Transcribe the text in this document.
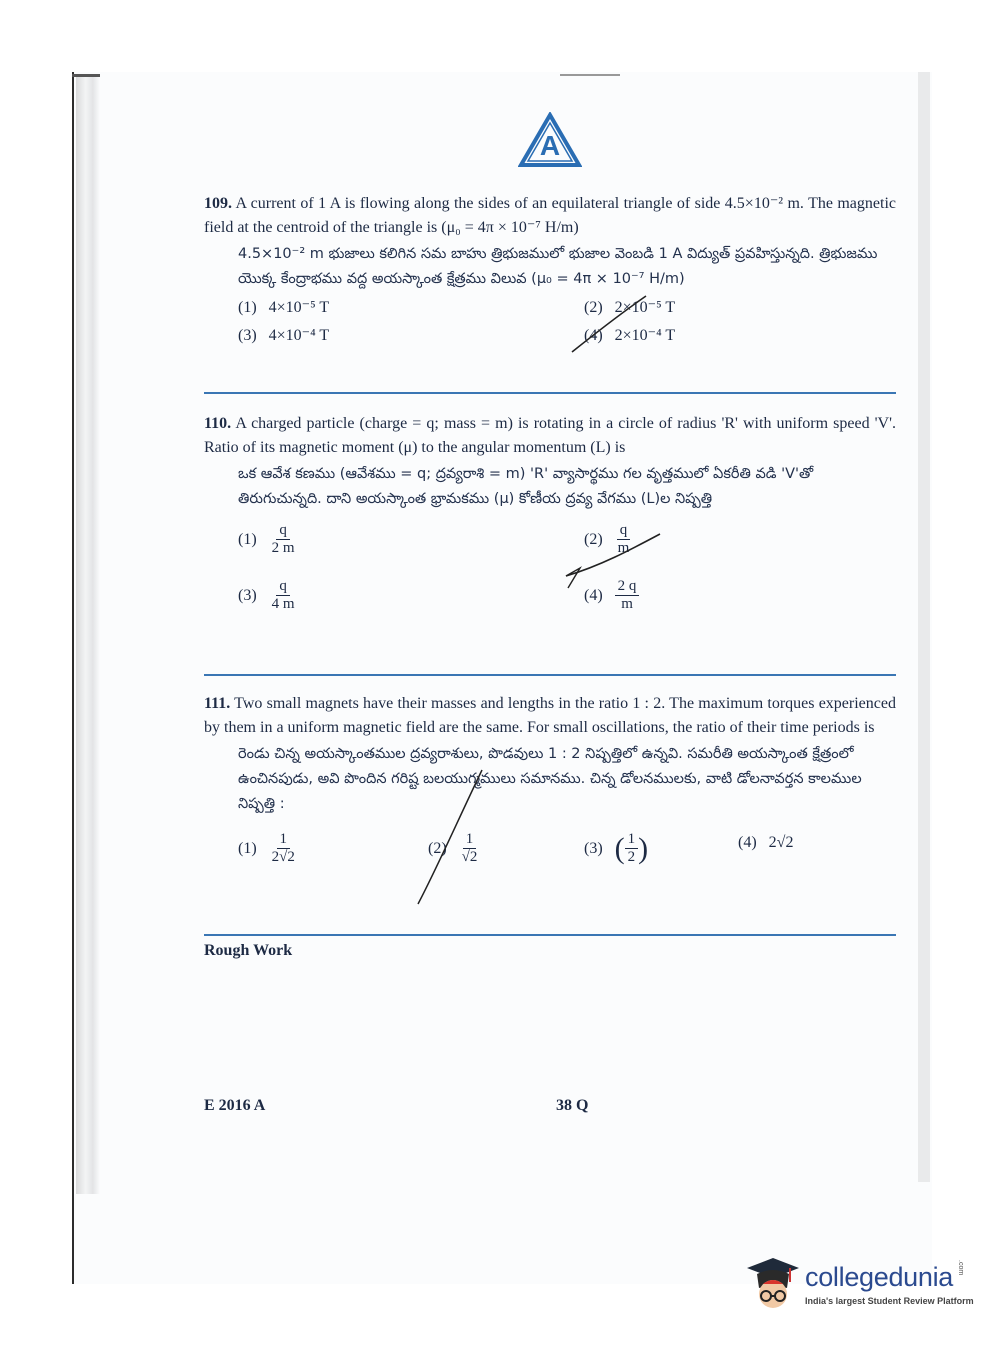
A
109. A current of 1 A is flowing along the sides of an equilateral triangle of side 4.5×10⁻² m. The magnetic field at the centroid of the triangle is (μ₀ = 4π × 10⁻⁷ H/m)
4.5×10⁻² m భుజాలు కలిగిన సమ బాహు త్రిభుజములో భుజాల వెంబడి 1 A విద్యుత్ ప్రవహిస్తున్నది. త్రిభుజము యొక్క కేంద్రాభము వద్ద అయస్కాంత క్షేత్రము విలువ (μ₀ = 4π × 10⁻⁷ H/m)
(1) 4×10⁻⁵ T	(2) 2×10⁻⁵ T
(3) 4×10⁻⁴ T	(4) 2×10⁻⁴ T
110. A charged particle (charge = q; mass = m) is rotating in a circle of radius 'R' with uniform speed 'V'. Ratio of its magnetic moment (μ) to the angular momentum (L) is
ఒక ఆవేశ కణము (ఆవేశము = q; ద్రవ్యరాశి = m) 'R' వ్యాసార్థము గల వృత్తములో ఏకరీతి వడి 'V'తో తిరుగుచున్నది. దాని అయస్కాంత భ్రామకము (μ) కోణీయ ద్రవ్య వేగము (L)ల నిష్పత్తి
$(1) \frac{q}{2 m}$	$(2) \frac{q}{m}$
$(3) \frac{q}{4 m}$	$(4) \frac{2 q}{m}$
111. Two small magnets have their masses and lengths in the ratio 1 : 2. The maximum torques experienced by them in a uniform magnetic field are the same. For small oscillations, the ratio of their time periods is
రెండు చిన్న అయస్కాంతముల ద్రవ్యరాశులు, పొడవులు 1 : 2 నిష్పత్తిలో ఉన్నవి. సమరీతి అయస్కాంత క్షేత్రంలో ఉంచినపుడు, అవి పొందిన గరిష్ట బలయుగ్మములు సమానము. చిన్న డోలనములకు, వాటి డోలనావర్తన కాలముల నిష్పత్తి :
$(1) \frac{1}{2√2}$	$(2) \frac{1}{√2}$	(3) ( $\frac{1}{2}$ )	(4) 2√2
Rough Work
E 2016 A	38 Q
collegedunia .com
India's largest Student Review Platform
